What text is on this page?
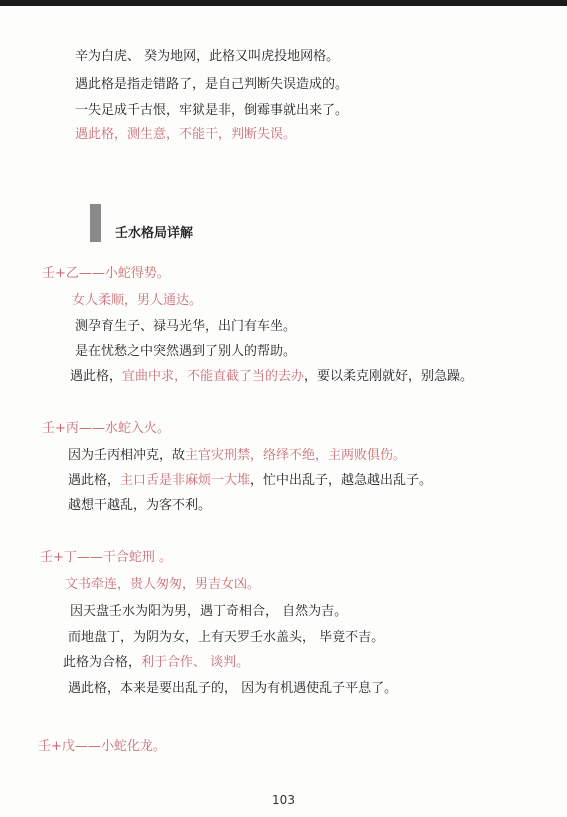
辛为白虎、 癸为地网，此格又叫虎投地网格。
遇此格是指走错路了，是自己判断失误造成的。
一失足成千古恨，牢狱是非，倒霉事就出来了。
遇此格，测生意，不能干，判断失误。
壬水格局详解
壬+乙——小蛇得势。
女人柔顺，男人通达。
测孕育生子、禄马光华，出门有车坐。
是在忧愁之中突然遇到了别人的帮助。
遇此格，宜曲中求，不能直截了当的去办，要以柔克刚就好，别急躁。
壬+丙——水蛇入火。
因为壬丙相冲克，故主官灾刑禁，络绎不绝，主两败俱伤。
遇此格，主口舌是非麻烦一大堆，忙中出乱子，越急越出乱子。
越想干越乱，为客不利。
壬+丁——干合蛇刑 。
文书牵连，贵人匆匆，男吉女凶。
因天盘壬水为阳为男，遇丁奇相合， 自然为吉。
而地盘丁，为阴为女，上有天罗壬水盖头， 毕竟不吉。
此格为合格，利于合作、 谈判。
遇此格，本来是要出乱子的， 因为有机遇使乱子平息了。
壬+戊——小蛇化龙。
103
